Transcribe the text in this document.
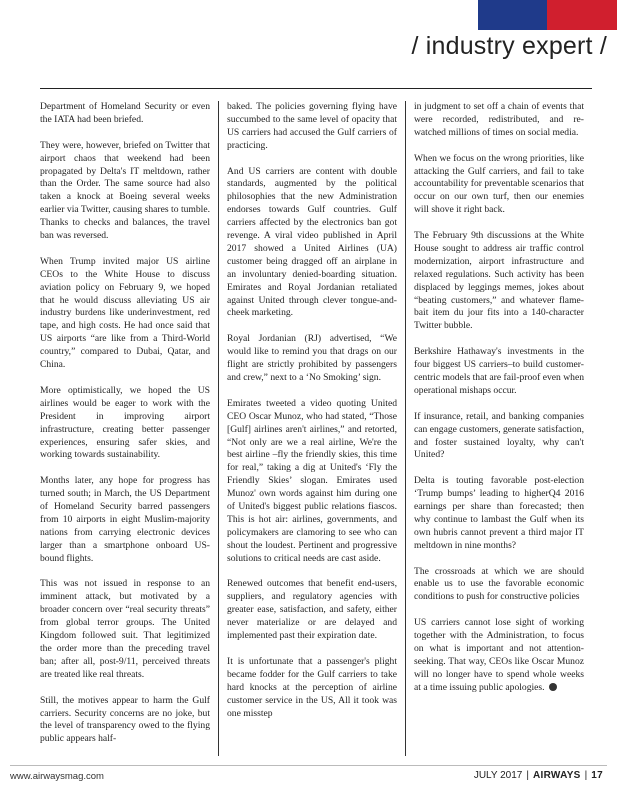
/ industry expert /

Department of Homeland Security or even the IATA had been briefed.

They were, however, briefed on Twitter that airport chaos that weekend had been propagated by Delta's IT meltdown, rather than the Order. The same source had also taken a knock at Boeing several weeks earlier via Twitter, causing shares to tumble. Thanks to checks and balances, the travel ban was reversed.

When Trump invited major US airline CEOs to the White House to discuss aviation policy on February 9, we hoped that he would discuss alleviating US air industry burdens like underinvestment, red tape, and high costs. He had once said that US airports “are like from a Third-World country,” compared to Dubai, Qatar, and China.

More optimistically, we hoped the US airlines would be eager to work with the President in improving airport infrastructure, creating better passenger experiences, ensuring safer skies, and working towards sustainability.

Months later, any hope for progress has turned south; in March, the US Department of Homeland Security barred passengers from 10 airports in eight Muslim-majority nations from carrying electronic devices larger than a smartphone onboard US-bound flights.

This was not issued in response to an imminent attack, but motivated by a broader concern over “real security threats” from global terror groups. The United Kingdom followed suit. That legitimized the order more than the preceding travel ban; after all, post-9/11, perceived threats are treated like real threats.

Still, the motives appear to harm the Gulf carriers. Security concerns are no joke, but the level of transparency owed to the flying public appears half-

baked. The policies governing flying have succumbed to the same level of opacity that US carriers had accused the Gulf carriers of practicing.

And US carriers are content with double standards, augmented by the political philosophies that the new Administration endorses towards Gulf countries. Gulf carriers affected by the electronics ban got revenge. A viral video published in April 2017 showed a United Airlines (UA) customer being dragged off an airplane in an involuntary denied-boarding situation. Emirates and Royal Jordanian retaliated against United through clever tongue-and-cheek marketing.

Royal Jordanian (RJ) advertised, “We would like to remind you that drags on our flight are strictly prohibited by passengers and crew,” next to a ‘No Smoking’ sign.

Emirates tweeted a video quoting United CEO Oscar Munoz, who had stated, “Those [Gulf] airlines aren't airlines,” and retorted, “Not only are we a real airline, We're the best airline –fly the friendly skies, this time for real,” taking a dig at United's ‘Fly the Friendly Skies’ slogan. Emirates used Munoz' own words against him during one of United's biggest public relations fiascos. This is hot air: airlines, governments, and policymakers are clamoring to see who can shout the loudest. Pertinent and progressive solutions to critical needs are cast aside.

Renewed outcomes that benefit end-users, suppliers, and regulatory agencies with greater ease, satisfaction, and safety, either never materialize or are delayed and implemented past their expiration date.

It is unfortunate that a passenger's plight became fodder for the Gulf carriers to take hard knocks at the perception of airline customer service in the US, All it took was one misstep

in judgment to set off a chain of events that were recorded, redistributed, and re-watched millions of times on social media.

When we focus on the wrong priorities, like attacking the Gulf carriers, and fail to take accountability for preventable scenarios that occur on our own turf, then our enemies will shove it right back.

The February 9th discussions at the White House sought to address air traffic control modernization, airport infrastructure and relaxed regulations. Such activity has been displaced by leggings memes, jokes about “beating customers,” and whatever flame-bait item du jour fits into a 140-character Twitter bubble.

Berkshire Hathaway's investments in the four biggest US carriers–to build customer-centric models that are fail-proof even when operational mishaps occur.

If insurance, retail, and banking companies can engage customers, generate satisfaction, and foster sustained loyalty, why can't United?

Delta is touting favorable post-election ‘Trump bumps’ leading to higherQ4 2016 earnings per share than forecasted; then why continue to lambast the Gulf when its own hubris cannot prevent a third major IT meltdown in nine months?

The crossroads at which we are should enable us to use the favorable economic conditions to push for constructive policies

US carriers cannot lose sight of working together with the Administration, to focus on what is important and not attention-seeking. That way, CEOs like Oscar Munoz will no longer have to spend whole weeks at a time issuing public apologies.

www.airwaysmag.com	JULY 2017 | AIRWAYS | 17
